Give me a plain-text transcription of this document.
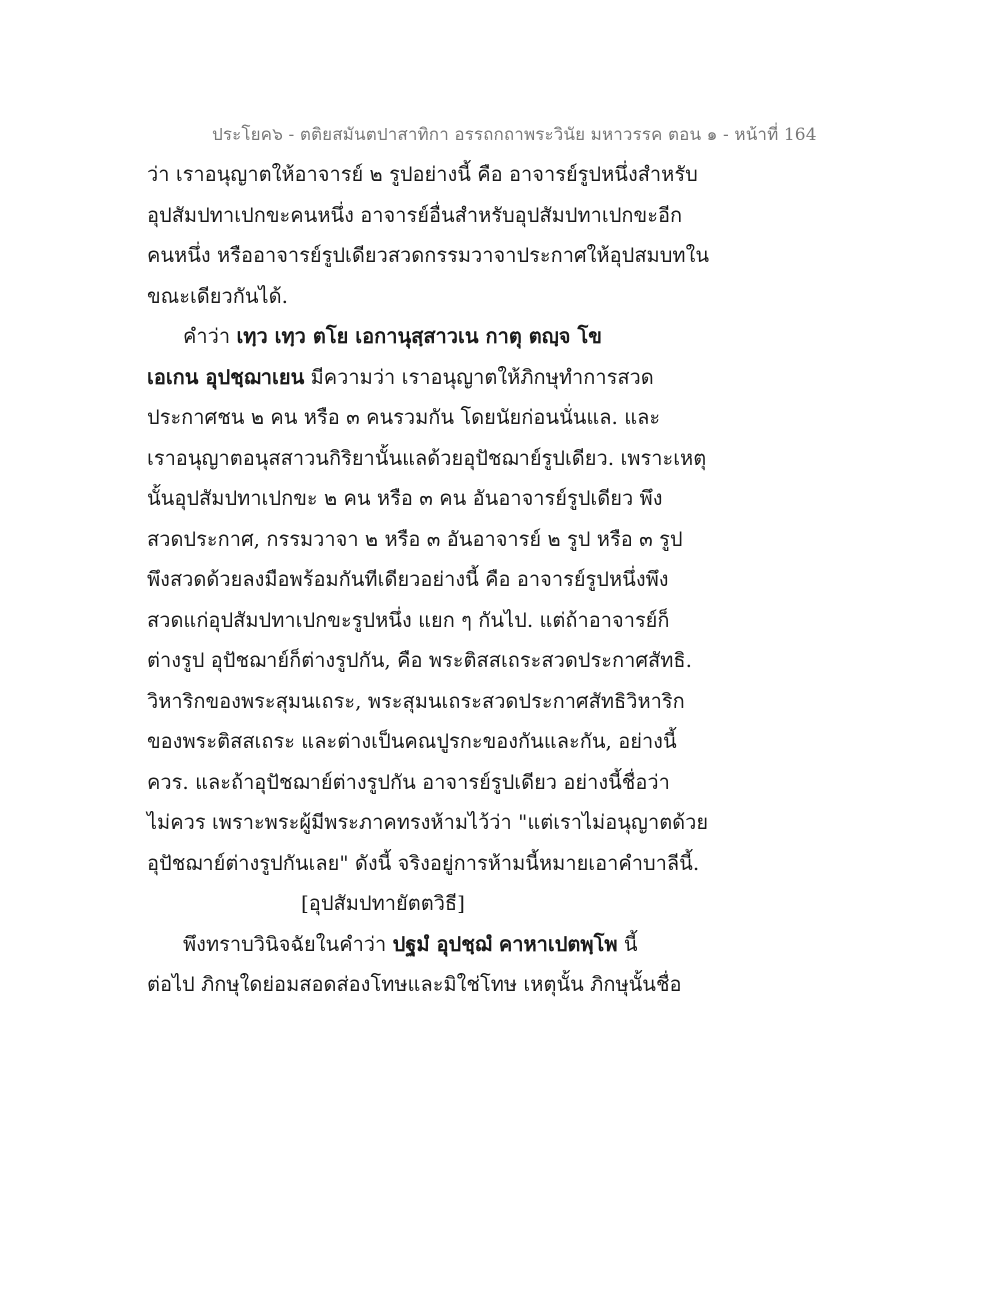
ประโยค๖ - ตติยสมันตปาสาทิกา อรรถกถาพระวินัย มหาวรรค ตอน ๑ - หน้าที่ 164
ว่า เราอนุญาตให้อาจารย์ ๒ รูปอย่างนี้ คือ อาจารย์รูปหนึ่งสำหรับ
อุปสัมปทาเปกขะคนหนึ่ง อาจารย์อื่นสำหรับอุปสัมปทาเปกขะอีก
คนหนึ่ง หรืออาจารย์รูปเดียวสวดกรรมวาจาประกาศให้อุปสมบทใน
ขณะเดียวกันได้.
คำว่า เทฺว เทฺว ตโย เอกานุสฺสาวเน กาตุ ตญฺจ โข
เอเกน อุปชฺฌาเยน มีความว่า เราอนุญาตให้ภิกษุทำการสวด
ประกาศชน ๒ คน หรือ ๓ คนรวมกัน โดยนัยก่อนนั่นแล. และ
เราอนุญาตอนุสสาวนกิริยานั้นแลด้วยอุปัชฌาย์รูปเดียว. เพราะเหตุ
นั้นอุปสัมปทาเปกขะ ๒ คน หรือ ๓ คน อันอาจารย์รูปเดียว พึง
สวดประกาศ, กรรมวาจา ๒ หรือ ๓ อันอาจารย์ ๒ รูป หรือ ๓ รูป
พึงสวดด้วยลงมือพร้อมกันทีเดียวอย่างนี้ คือ อาจารย์รูปหนึ่งพึง
สวดแก่อุปสัมปทาเปกขะรูปหนึ่ง แยก ๆ กันไป. แต่ถ้าอาจารย์ก็
ต่างรูป อุปัชฌาย์ก็ต่างรูปกัน, คือ พระติสสเถระสวดประกาศสัทธิ.
วิหาริกของพระสุมนเถระ, พระสุมนเถระสวดประกาศสัทธิวิหาริก
ของพระติสสเถระ และต่างเป็นคณปูรกะของกันและกัน, อย่างนี้
ควร. และถ้าอุปัชฌาย์ต่างรูปกัน อาจารย์รูปเดียว อย่างนี้ชื่อว่า
ไม่ควร เพราะพระผู้มีพระภาคทรงห้ามไว้ว่า "แต่เราไม่อนุญาตด้วย
อุปัชฌาย์ต่างรูปกันเลย" ดังนี้ จริงอยู่การห้ามนี้หมายเอาคำบาลีนี้.
[อุปสัมปทายัตตวิธี]
พึงทราบวินิจฉัยในคำว่า ปฐมํ อุปชฺฌํ คาหาเปตพฺโพ นี้
ต่อไป ภิกษุใดย่อมสอดส่องโทษและมิใช่โทษ เหตุนั้น ภิกษุนั้นชื่อ
